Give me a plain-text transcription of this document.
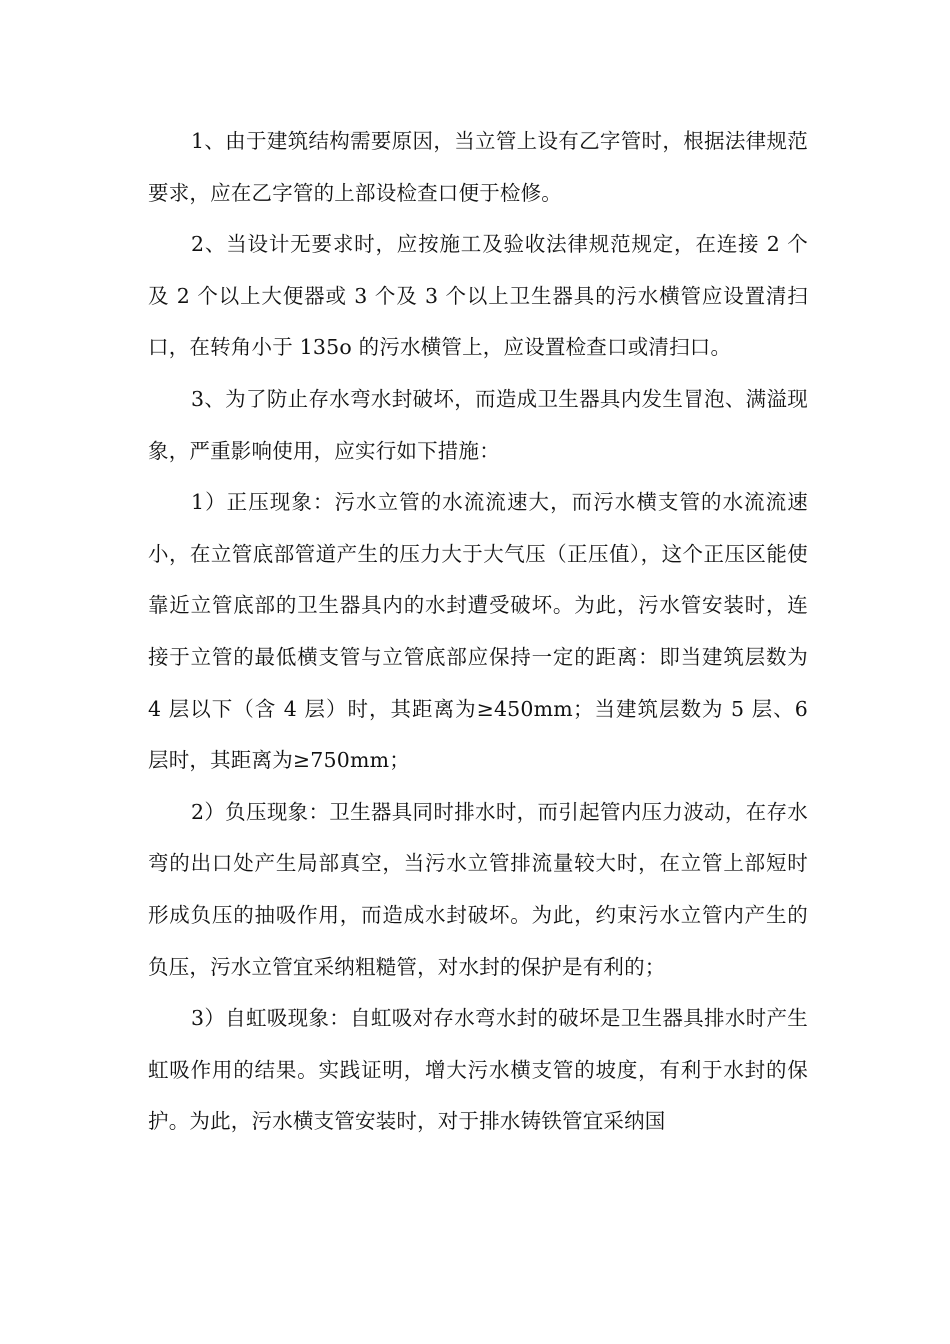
1、由于建筑结构需要原因，当立管上设有乙字管时，根据法律规范要求，应在乙字管的上部设检查口便于检修。

2、当设计无要求时，应按施工及验收法律规范规定，在连接 2 个及 2 个以上大便器或 3 个及 3 个以上卫生器具的污水横管应设置清扫口，在转角小于 135o 的污水横管上，应设置检查口或清扫口。

3、为了防止存水弯水封破坏，而造成卫生器具内发生冒泡、满溢现象，严重影响使用，应实行如下措施：

1）正压现象：污水立管的水流流速大，而污水横支管的水流流速小，在立管底部管道产生的压力大于大气压（正压值），这个正压区能使靠近立管底部的卫生器具内的水封遭受破坏。为此，污水管安装时，连接于立管的最低横支管与立管底部应保持一定的距离：即当建筑层数为 4 层以下（含 4 层）时，其距离为≥450mm；当建筑层数为 5 层、6 层时，其距离为≥750mm；

2）负压现象：卫生器具同时排水时，而引起管内压力波动，在存水弯的出口处产生局部真空，当污水立管排流量较大时，在立管上部短时形成负压的抽吸作用，而造成水封破坏。为此，约束污水立管内产生的负压，污水立管宜采纳粗糙管，对水封的保护是有利的；

3）自虹吸现象：自虹吸对存水弯水封的破坏是卫生器具排水时产生虹吸作用的结果。实践证明，增大污水横支管的坡度，有利于水封的保护。为此，污水横支管安装时，对于排水铸铁管宜采纳国
